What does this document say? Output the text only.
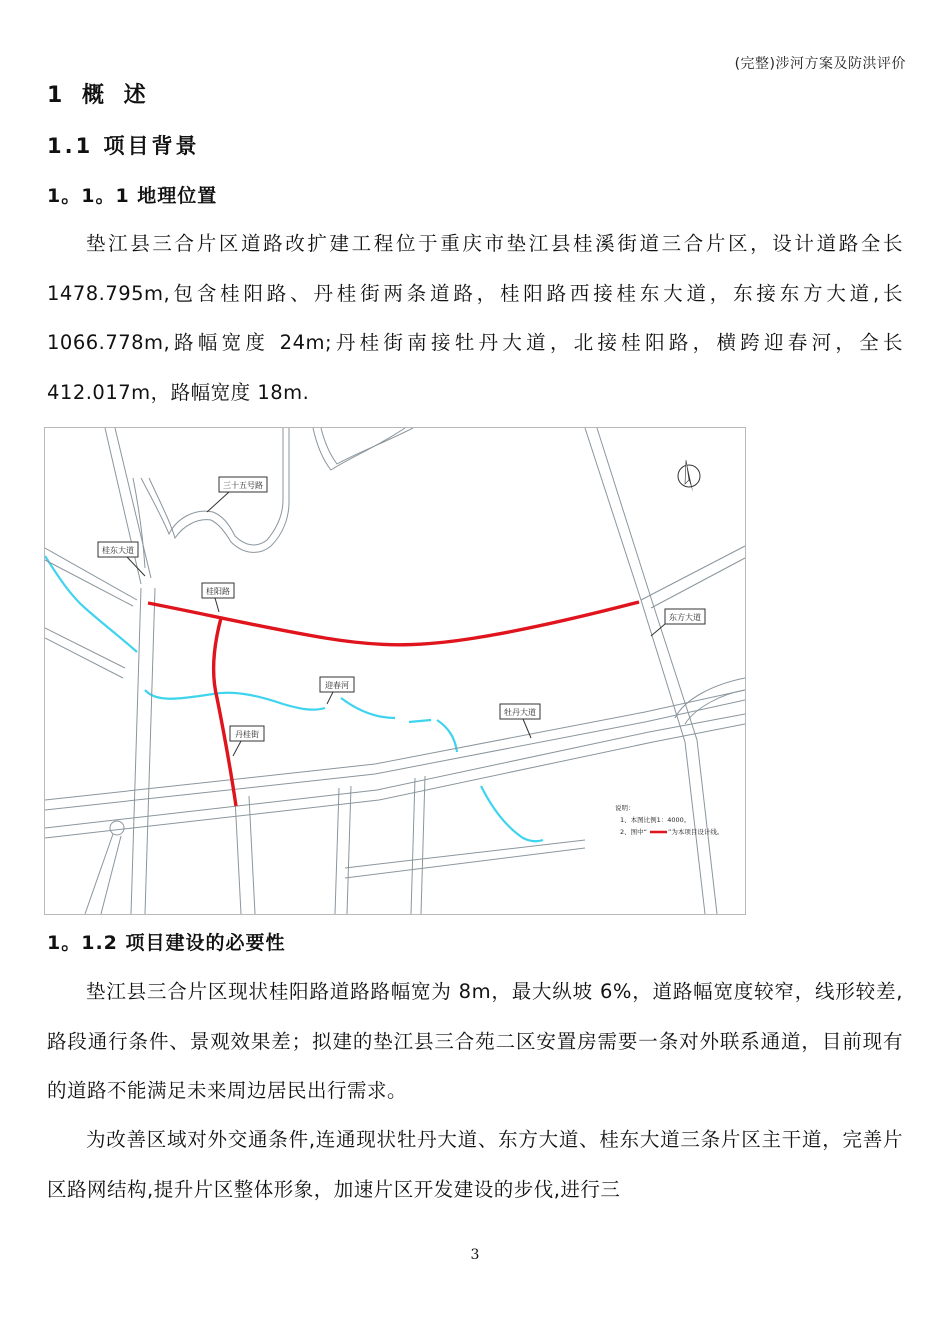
(完整)涉河方案及防洪评价
1 概 述
1.1 项目背景
1。1。1 地理位置
垫江县三合片区道路改扩建工程位于重庆市垫江县桂溪街道三合片区，设计道路全长 1478.795m,包含桂阳路、丹桂街两条道路，桂阳路西接桂东大道，东接东方大道,长 1066.778m,路幅宽度 24m;丹桂街南接牡丹大道，北接桂阳路，横跨迎春河，全长 412.017m，路幅宽度 18m.
三十五号路
桂东大道
桂阳路
东方大道
迎春河
牡丹大道
丹桂街
说明：
1、本图比例1：4000。
2、图中“	”为本项目设计线。
1。1.2 项目建设的必要性
垫江县三合片区现状桂阳路道路路幅宽为 8m，最大纵坡 6%，道路幅宽度较窄，线形较差,路段通行条件、景观效果差；拟建的垫江县三合苑二区安置房需要一条对外联系通道，目前现有的道路不能满足未来周边居民出行需求。
为改善区域对外交通条件,连通现状牡丹大道、东方大道、桂东大道三条片区主干道，完善片区路网结构,提升片区整体形象，加速片区开发建设的步伐,进行三
3
